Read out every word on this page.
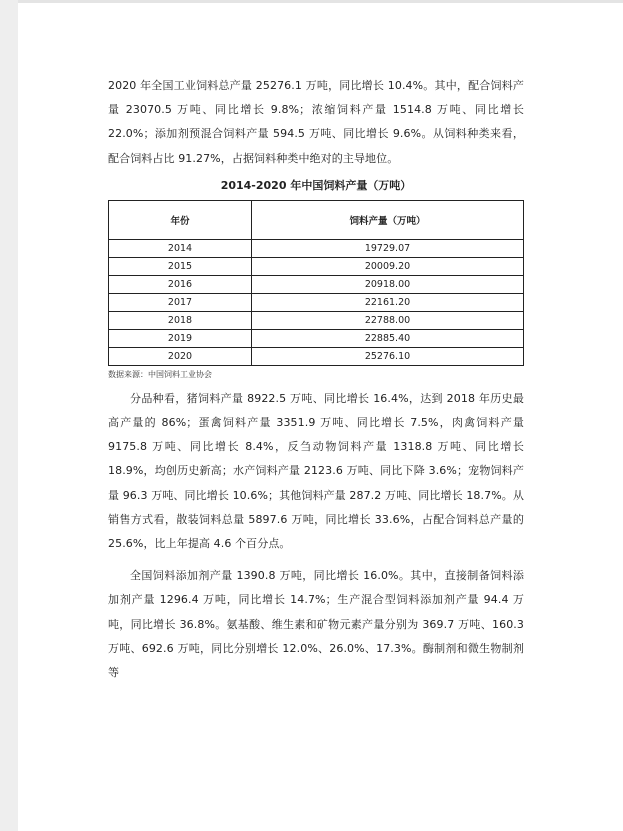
2020 年全国工业饲料总产量 25276.1 万吨，同比增长 10.4%。其中，配合饲料产量 23070.5 万吨、同比增长 9.8%；浓缩饲料产量 1514.8 万吨、同比增长 22.0%；添加剂预混合饲料产量 594.5 万吨、同比增长 9.6%。从饲料种类来看，配合饲料占比 91.27%，占据饲料种类中绝对的主导地位。

2014-2020 年中国饲料产量（万吨）
年份	饲料产量（万吨）
2014	19729.07
2015	20009.20
2016	20918.00
2017	22161.20
2018	22788.00
2019	22885.40
2020	25276.10
数据来源：中国饲料工业协会

分品种看，猪饲料产量 8922.5 万吨、同比增长 16.4%，达到 2018 年历史最高产量的 86%；蛋禽饲料产量 3351.9 万吨、同比增长 7.5%，肉禽饲料产量 9175.8 万吨、同比增长 8.4%，反刍动物饲料产量 1318.8 万吨、同比增长 18.9%，均创历史新高；水产饲料产量 2123.6 万吨、同比下降 3.6%；宠物饲料产量 96.3 万吨、同比增长 10.6%；其他饲料产量 287.2 万吨、同比增长 18.7%。从销售方式看，散装饲料总量 5897.6 万吨，同比增长 33.6%，占配合饲料总产量的 25.6%，比上年提高 4.6 个百分点。

全国饲料添加剂产量 1390.8 万吨，同比增长 16.0%。其中，直接制备饲料添加剂产量 1296.4 万吨，同比增长 14.7%；生产混合型饲料添加剂产量 94.4 万吨，同比增长 36.8%。氨基酸、维生素和矿物元素产量分别为 369.7 万吨、160.3 万吨、692.6 万吨，同比分别增长 12.0%、26.0%、17.3%。酶制剂和微生物制剂等
